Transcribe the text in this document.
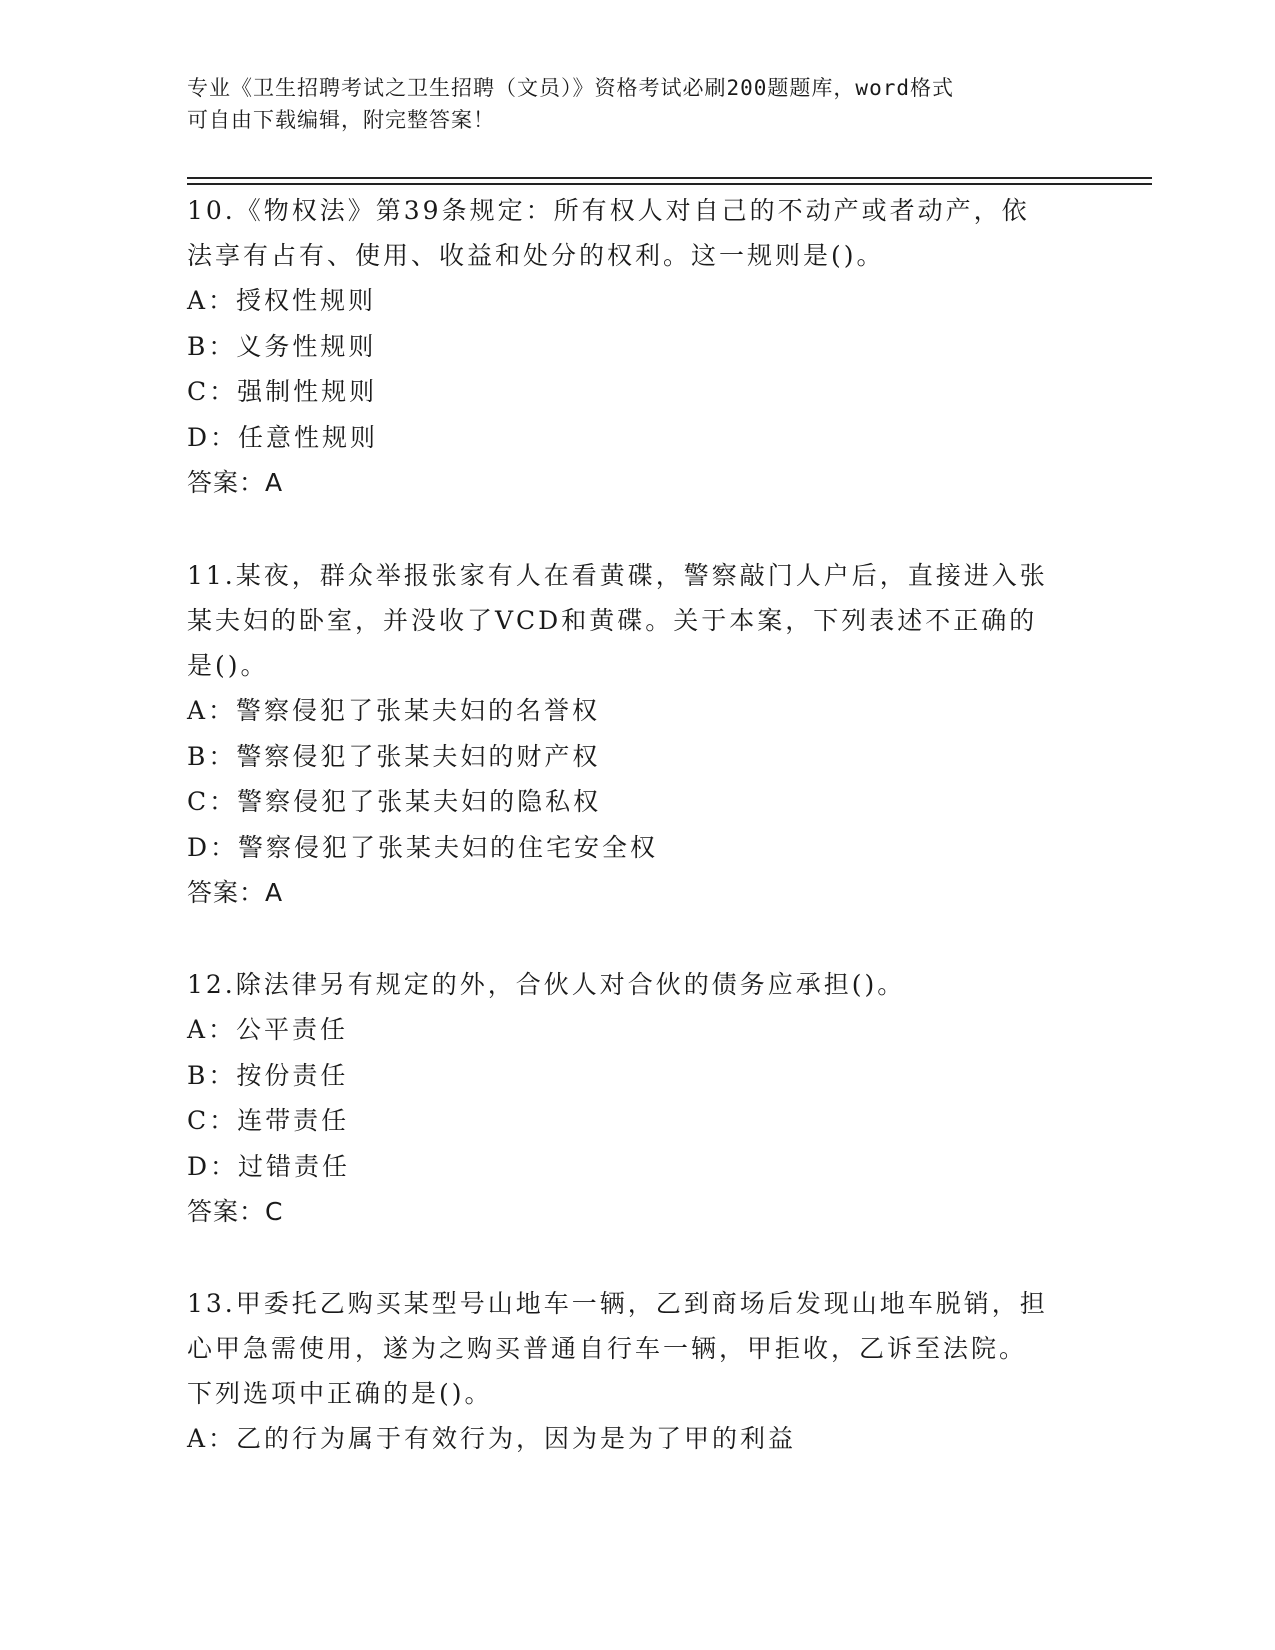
专业《卫生招聘考试之卫生招聘（文员）》资格考试必刷200题题库，word格式
可自由下载编辑，附完整答案！
10.《物权法》第39条规定：所有权人对自己的不动产或者动产，依
法享有占有、使用、收益和处分的权利。这一规则是()。
A：授权性规则
B：义务性规则
C：强制性规则
D：任意性规则
答案：A
11.某夜，群众举报张家有人在看黄碟，警察敲门人户后，直接进入张
某夫妇的卧室，并没收了VCD和黄碟。关于本案，下列表述不正确的
是()。
A：警察侵犯了张某夫妇的名誉权
B：警察侵犯了张某夫妇的财产权
C：警察侵犯了张某夫妇的隐私权
D：警察侵犯了张某夫妇的住宅安全权
答案：A
12.除法律另有规定的外，合伙人对合伙的债务应承担()。
A：公平责任
B：按份责任
C：连带责任
D：过错责任
答案：C
13.甲委托乙购买某型号山地车一辆，乙到商场后发现山地车脱销，担
心甲急需使用，遂为之购买普通自行车一辆，甲拒收，乙诉至法院。
下列选项中正确的是()。
A：乙的行为属于有效行为，因为是为了甲的利益
